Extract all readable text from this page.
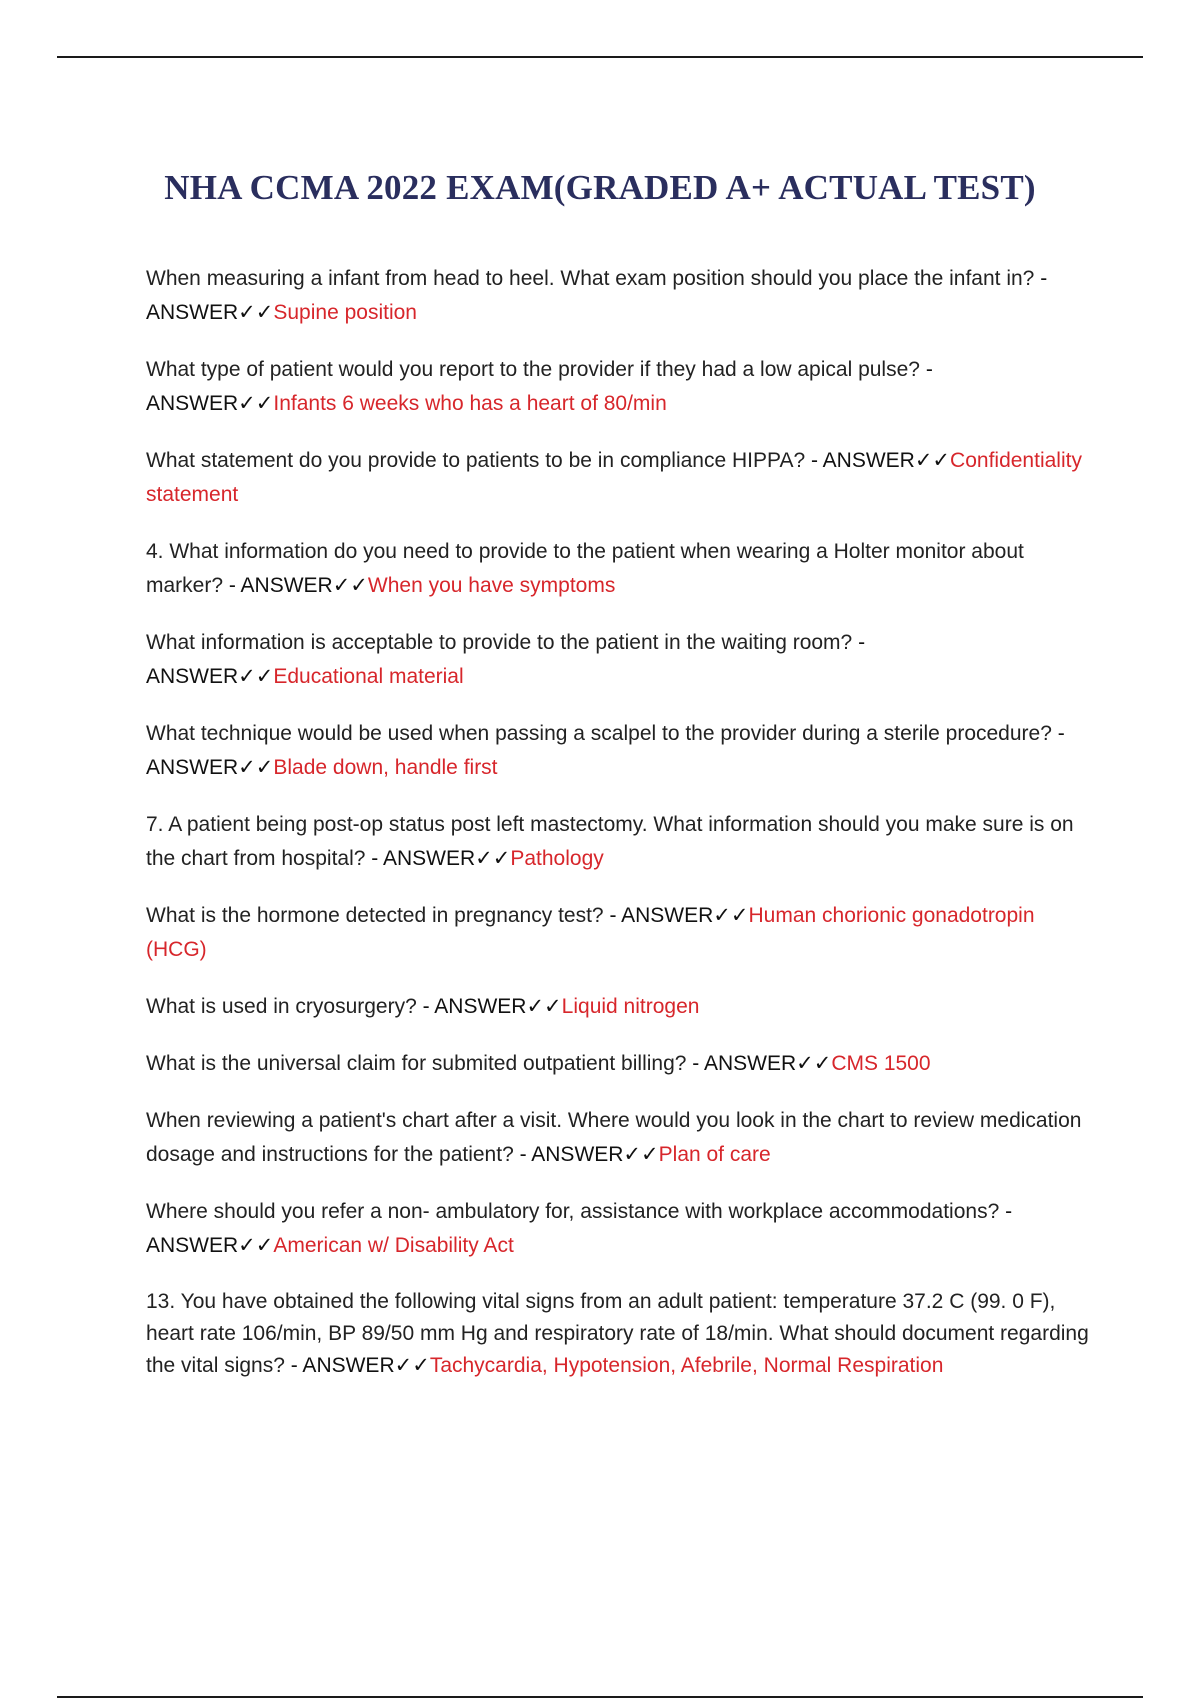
NHA CCMA 2022 EXAM(GRADED A+ ACTUAL TEST)
When measuring a infant from head to heel. What exam position should you place the infant in? - ANSWER✓✓Supine position
What type of patient would you report to the provider if they had a low apical pulse? - ANSWER✓✓Infants 6 weeks who has a heart of 80/min
What statement do you provide to patients to be in compliance HIPPA? - ANSWER✓✓Confidentiality statement
4. What information do you need to provide to the patient when wearing a Holter monitor about marker? - ANSWER✓✓When you have symptoms
What information is acceptable to provide to the patient in the waiting room? - ANSWER✓✓Educational material
What technique would be used when passing a scalpel to the provider during a sterile procedure? - ANSWER✓✓Blade down, handle first
7. A patient being post-op status post left mastectomy. What information should you make sure is on the chart from hospital? - ANSWER✓✓Pathology
What is the hormone detected in pregnancy test? - ANSWER✓✓Human chorionic gonadotropin (HCG)
What is used in cryosurgery? - ANSWER✓✓Liquid nitrogen
What is the universal claim for submited outpatient billing? - ANSWER✓✓CMS 1500
When reviewing a patient's chart after a visit. Where would you look in the chart to review medication dosage and instructions for the patient? - ANSWER✓✓Plan of care
Where should you refer a non- ambulatory for, assistance with workplace accommodations? - ANSWER✓✓American w/ Disability Act
13. You have obtained the following vital signs from an adult patient: temperature 37.2 C (99. 0 F), heart rate 106/min, BP 89/50 mm Hg and respiratory rate of 18/min. What should document regarding the vital signs? - ANSWER✓✓Tachycardia, Hypotension, Afebrile, Normal Respiration
